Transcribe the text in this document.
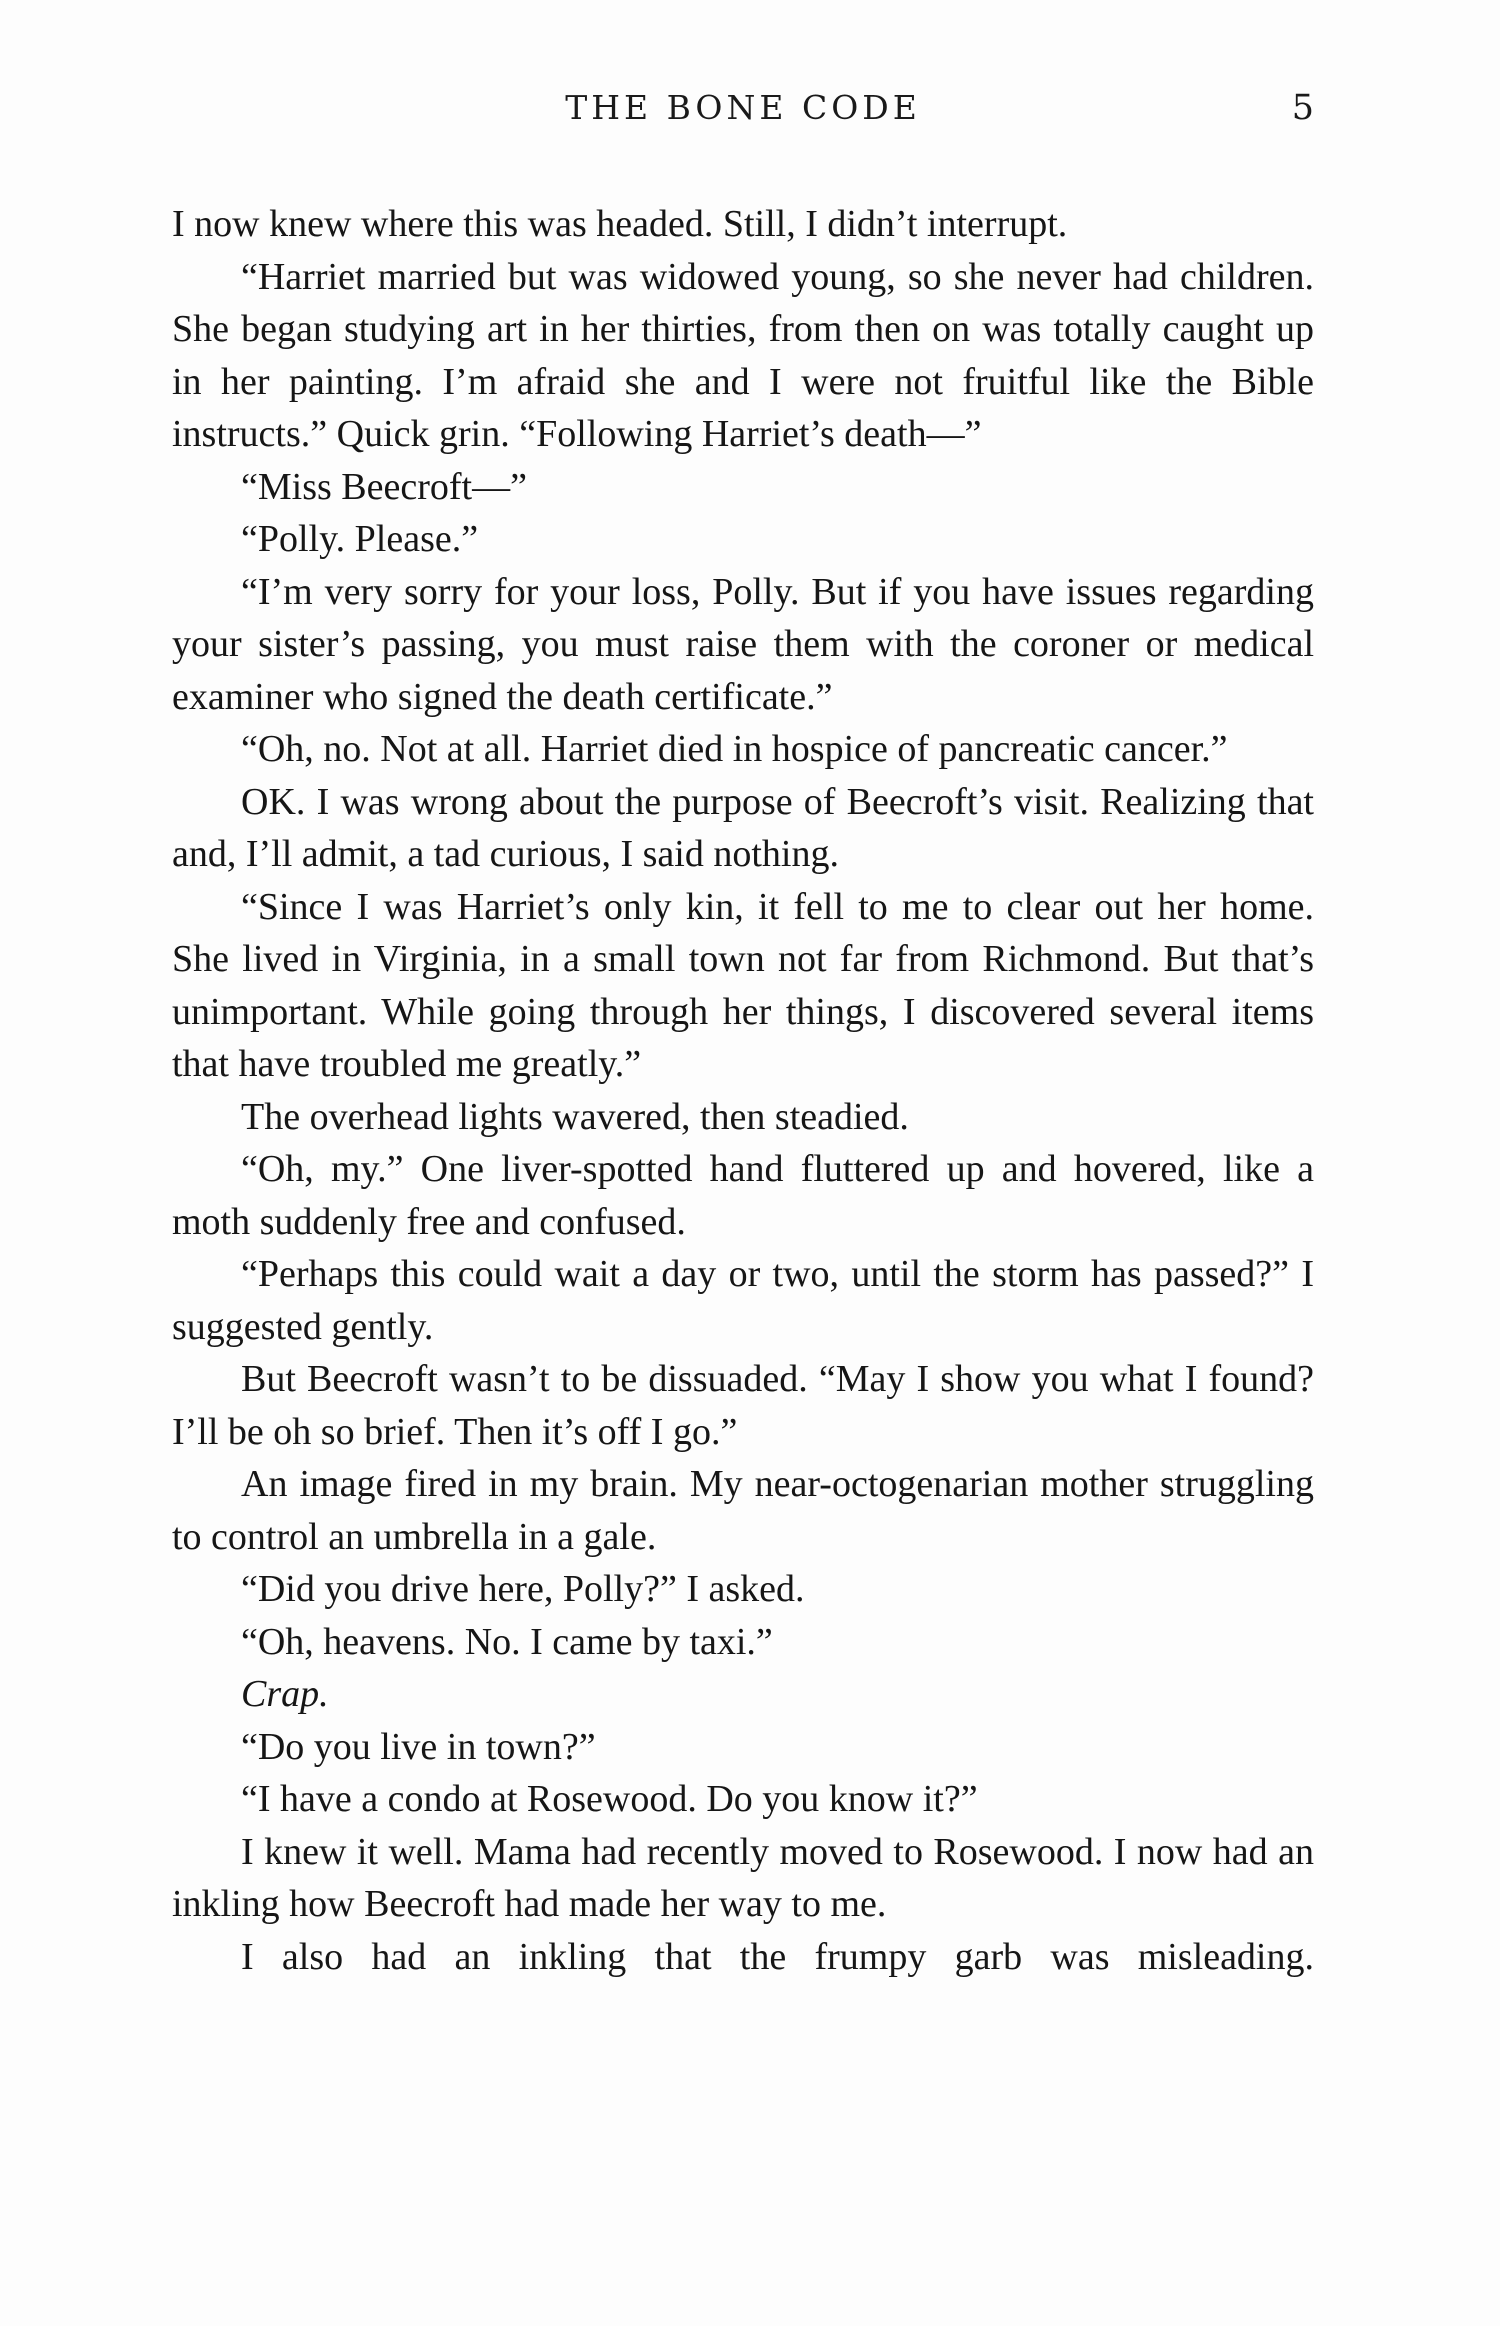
THE BONE CODE	5

I now knew where this was headed. Still, I didn’t interrupt.

“Harriet married but was widowed young, so she never had children. She began studying art in her thirties, from then on was totally caught up in her painting. I’m afraid she and I were not fruitful like the Bible instructs.” Quick grin. “Following Harriet’s death—”

“Miss Beecroft—”

“Polly. Please.”

“I’m very sorry for your loss, Polly. But if you have issues regarding your sister’s passing, you must raise them with the coroner or medical examiner who signed the death certificate.”

“Oh, no. Not at all. Harriet died in hospice of pancreatic cancer.”

OK. I was wrong about the purpose of Beecroft’s visit. Realizing that and, I’ll admit, a tad curious, I said nothing.

“Since I was Harriet’s only kin, it fell to me to clear out her home. She lived in Virginia, in a small town not far from Richmond. But that’s unimportant. While going through her things, I discovered several items that have troubled me greatly.”

The overhead lights wavered, then steadied.

“Oh, my.” One liver-spotted hand fluttered up and hovered, like a moth suddenly free and confused.

“Perhaps this could wait a day or two, until the storm has passed?” I suggested gently.

But Beecroft wasn’t to be dissuaded. “May I show you what I found? I’ll be oh so brief. Then it’s off I go.”

An image fired in my brain. My near-octogenarian mother struggling to control an umbrella in a gale.

“Did you drive here, Polly?” I asked.

“Oh, heavens. No. I came by taxi.”

Crap.

“Do you live in town?”

“I have a condo at Rosewood. Do you know it?”

I knew it well. Mama had recently moved to Rosewood. I now had an inkling how Beecroft had made her way to me.

I also had an inkling that the frumpy garb was misleading.
